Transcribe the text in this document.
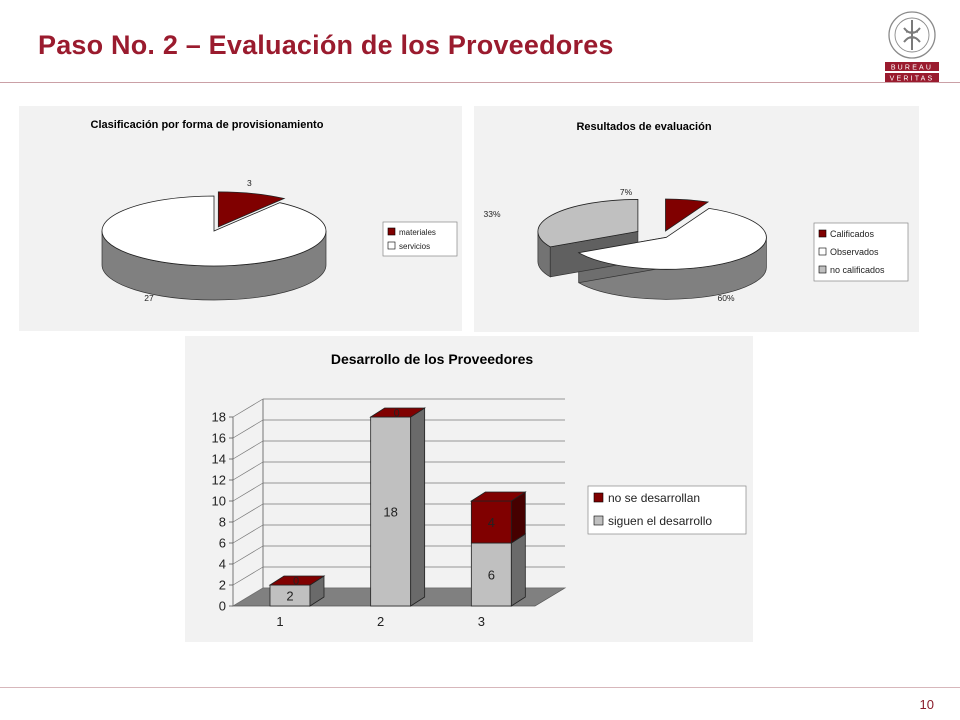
Paso No. 2 – Evaluación de los Proveedores
BUREAU
VERITAS
Clasificación por forma de provisionamiento
3
27
materiales
servicios
Resultados de evaluación
7%
60%
33%
Calificados
Observados
no calificados
Desarrollo de los Proveedores
0
2
4
6
8
10
12
14
16
18
2
0
18
0
6
4
1	2	3
no se desarrollan
siguen el desarrollo
10
